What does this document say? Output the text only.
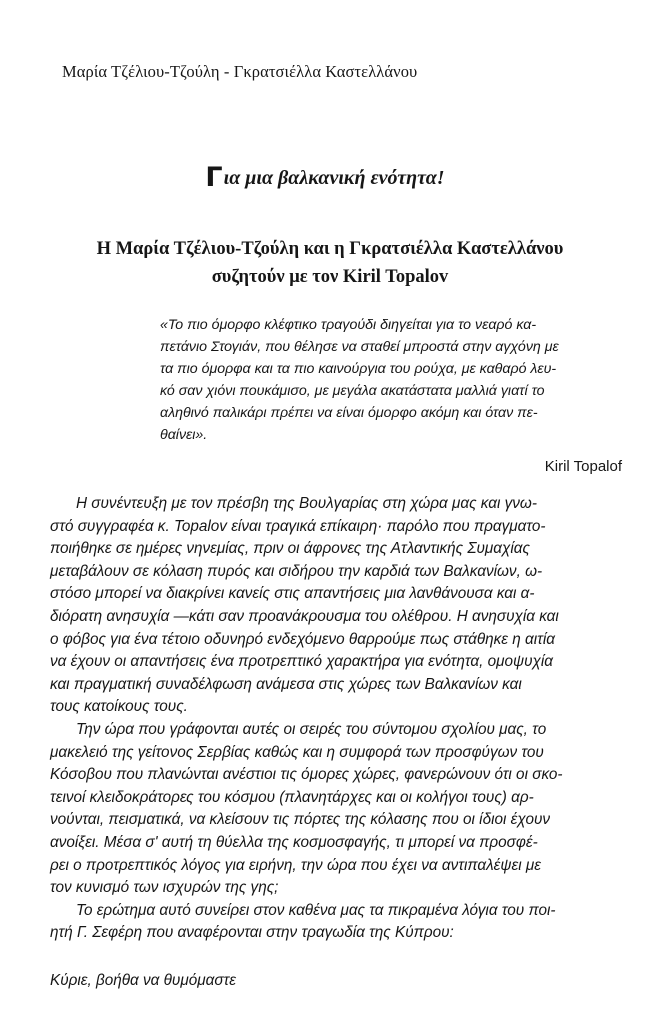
Μαρία Τζέλιου-Τζούλη - Γκρατσιέλλα Καστελλάνου
Για μια βαλκανική ενότητα!
Η Μαρία Τζέλιου-Τζούλη και η Γκρατσιέλλα Καστελλάνου
συζητούν με τον Kiril Topalov
«Το πιο όμορφο κλέφτικο τραγούδι διηγείται για το νεαρό κα-
πετάνιο Στογιάν, που θέλησε να σταθεί μπροστά στην αγχόνη με
τα πιο όμορφα και τα πιο καινούργια του ρούχα, με καθαρό λευ-
κό σαν χιόνι πουκάμισο, με μεγάλα ακατάστατα μαλλιά γιατί το
αληθινό παλικάρι πρέπει να είναι όμορφο ακόμη και όταν πε-
θαίνει».
Kiril Topalof
Η συνέντευξη με τον πρέσβη της Βουλγαρίας στη χώρα μας και γνω-
στό συγγραφέα κ. Topalov είναι τραγικά επίκαιρη· παρόλο που πραγματο-
ποιήθηκε σε ημέρες νηνεμίας, πριν οι άφρονες της Ατλαντικής Συμαχίας
μεταβάλουν σε κόλαση πυρός και σιδήρου την καρδιά των Βαλκανίων, ω-
στόσο μπορεί να διακρίνει κανείς στις απαντήσεις μια λανθάνουσα και α-
διόρατη ανησυχία —κάτι σαν προανάκρουσμα του ολέθρου. Η ανησυχία και
ο φόβος για ένα τέτοιο οδυνηρό ενδεχόμενο θαρρούμε πως στάθηκε η αιτία
να έχουν οι απαντήσεις ένα προτρεπτικό χαρακτήρα για ενότητα, ομοψυχία
και πραγματική συναδέλφωση ανάμεσα στις χώρες των Βαλκανίων και
τους κατοίκους τους.
Την ώρα που γράφονται αυτές οι σειρές του σύντομου σχολίου μας, το
μακελειό της γείτονος Σερβίας καθώς και η συμφορά των προσφύγων του
Κόσοβου που πλανώνται ανέστιοι τις όμορες χώρες, φανερώνουν ότι οι σκο-
τεινοί κλειδοκράτορες του κόσμου (πλανητάρχες και οι κολήγοι τους) αρ-
νούνται, πεισματικά, να κλείσουν τις πόρτες της κόλασης που οι ίδιοι έχουν
ανοίξει. Μέσα σ' αυτή τη θύελλα της κοσμοσφαγής, τι μπορεί να προσφέ-
ρει ο προτρεπτικός λόγος για ειρήνη, την ώρα που έχει να αντιπαλέψει με
τον κυνισμό των ισχυρών της γης;
Το ερώτημα αυτό συνείρει στον καθένα μας τα πικραμένα λόγια του ποι-
ητή Γ. Σεφέρη που αναφέρονται στην τραγωδία της Κύπρου:
Κύριε, βοήθα να θυμόμαστε
